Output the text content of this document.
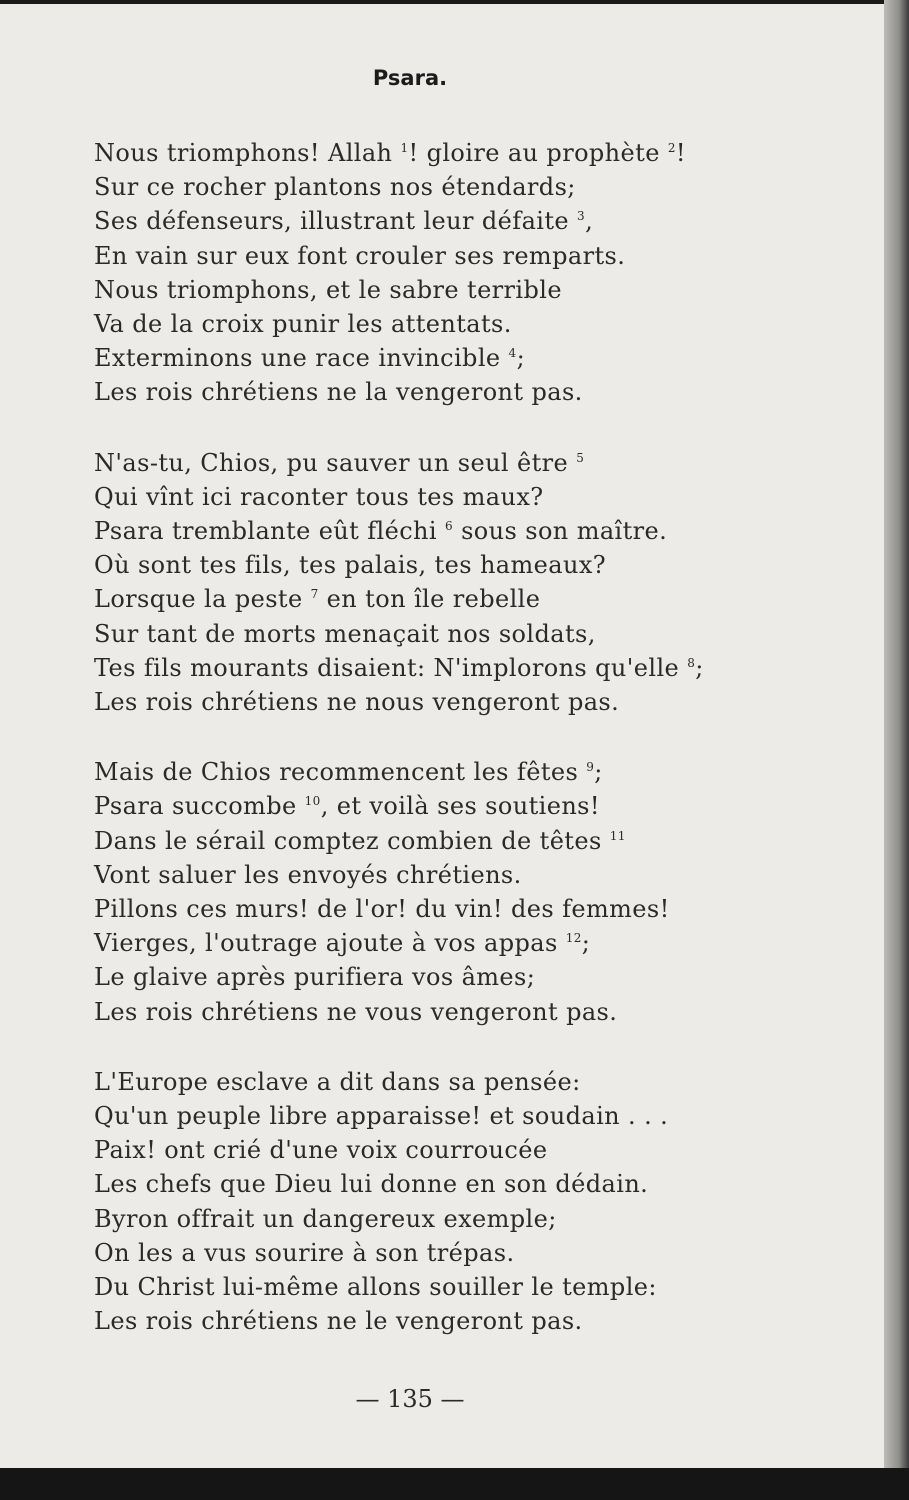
Psara.
Nous triomphons! Allah $^1$! gloire au prophète $^2$!
Sur ce rocher plantons nos étendards;
Ses défenseurs, illustrant leur défaite $^3$,
En vain sur eux font crouler ses remparts.
Nous triomphons, et le sabre terrible
Va de la croix punir les attentats.
Exterminons une race invincible $^4$;
Les rois chrétiens ne la vengeront pas.
N'as-tu, Chios, pu sauver un seul être $^5$
Qui vînt ici raconter tous tes maux?
Psara tremblante eût fléchi $^6$ sous son maître.
Où sont tes fils, tes palais, tes hameaux?
Lorsque la peste $^7$ en ton île rebelle
Sur tant de morts menaçait nos soldats,
Tes fils mourants disaient: N'implorons qu'elle $^8$;
Les rois chrétiens ne nous vengeront pas.
Mais de Chios recommencent les fêtes $^9$;
Psara succombe $^{10}$, et voilà ses soutiens!
Dans le sérail comptez combien de têtes $^{11}$
Vont saluer les envoyés chrétiens.
Pillons ces murs! de l'or! du vin! des femmes!
Vierges, l'outrage ajoute à vos appas $^{12}$;
Le glaive après purifiera vos âmes;
Les rois chrétiens ne vous vengeront pas.
L'Europe esclave a dit dans sa pensée:
Qu'un peuple libre apparaisse! et soudain . . .
Paix! ont crié d'une voix courroucée
Les chefs que Dieu lui donne en son dédain.
Byron offrait un dangereux exemple;
On les a vus sourire à son trépas.
Du Christ lui-même allons souiller le temple:
Les rois chrétiens ne le vengeront pas.
— 135 —
